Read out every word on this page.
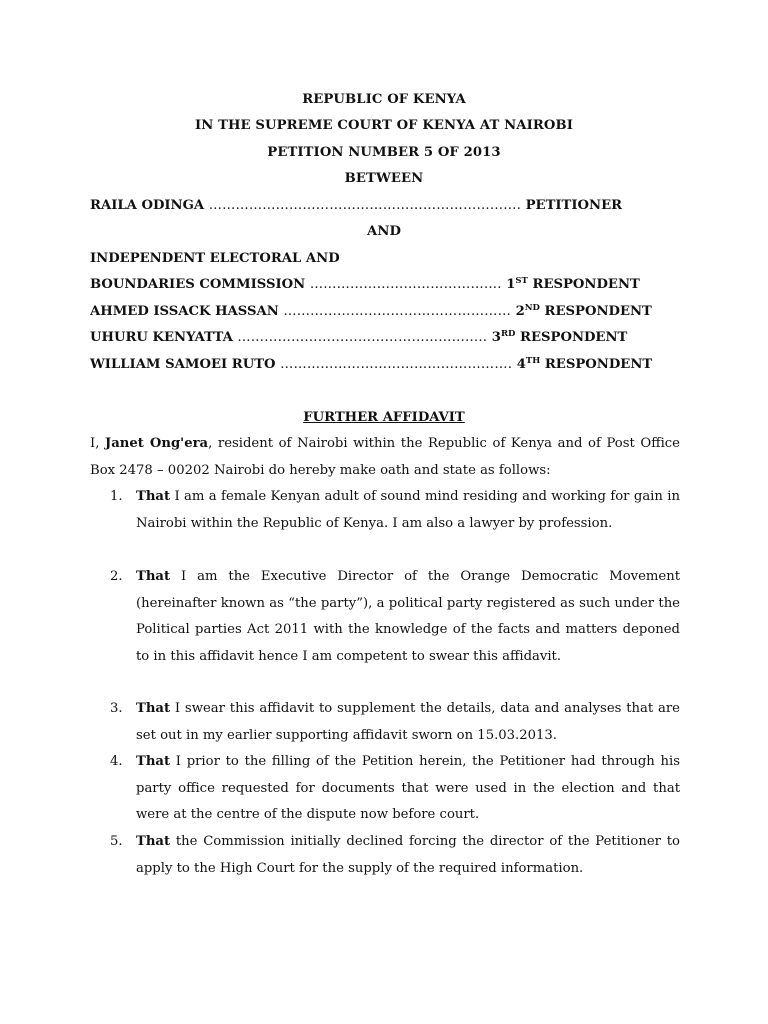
REPUBLIC OF KENYA
IN THE SUPREME COURT OF KENYA AT NAIROBI
PETITION NUMBER 5 OF 2013
BETWEEN
RAILA ODINGA ……………………………………………………………. PETITIONER
AND
INDEPENDENT ELECTORAL AND
BOUNDARIES COMMISSION ……………………………………. 1ST RESPONDENT
AHMED ISSACK HASSAN …………………………………………… 2ND RESPONDENT
UHURU KENYATTA ……………………………………………….. 3RD RESPONDENT
WILLIAM SAMOEI RUTO ……………………………………………. 4TH RESPONDENT
FURTHER AFFIDAVIT
I, Janet Ong'era, resident of Nairobi within the Republic of Kenya and of Post Office Box 2478 – 00202 Nairobi do hereby make oath and state as follows:
1. That I am a female Kenyan adult of sound mind residing and working for gain in Nairobi within the Republic of Kenya. I am also a lawyer by profession.
2. That I am the Executive Director of the Orange Democratic Movement (hereinafter known as “the party”), a political party registered as such under the Political parties Act 2011 with the knowledge of the facts and matters deponed to in this affidavit hence I am competent to swear this affidavit.
3. That I swear this affidavit to supplement the details, data and analyses that are set out in my earlier supporting affidavit sworn on 15.03.2013.
4. That I prior to the filling of the Petition herein, the Petitioner had through his party office requested for documents that were used in the election and that were at the centre of the dispute now before court.
5. That the Commission initially declined forcing the director of the Petitioner to apply to the High Court for the supply of the required information.
